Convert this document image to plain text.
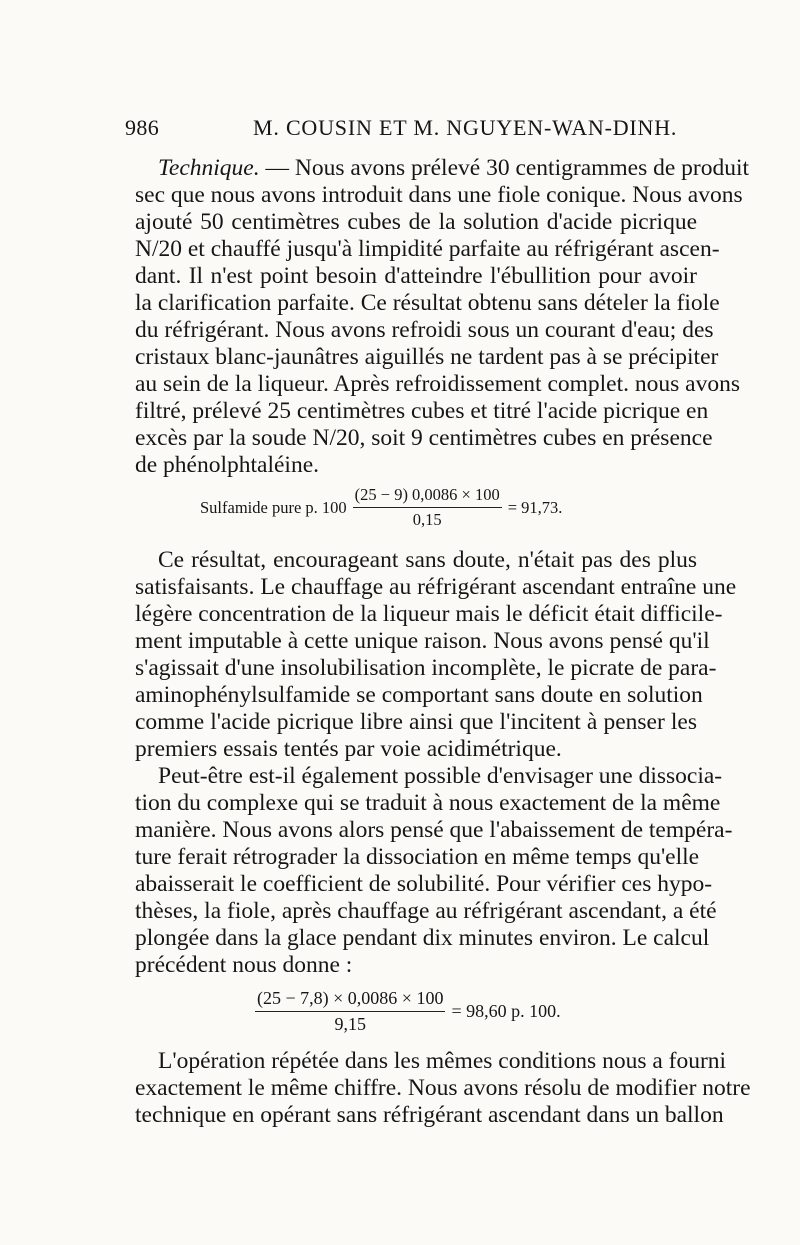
986	M. COUSIN ET M. NGUYEN-WAN-DINH.
Technique. — Nous avons prélevé 30 centigrammes de produit
sec que nous avons introduit dans une fiole conique. Nous avons
ajouté 50 centimètres cubes de la solution d'acide picrique
N/20 et chauffé jusqu'à limpidité parfaite au réfrigérant ascen-
dant. Il n'est point besoin d'atteindre l'ébullition pour avoir
la clarification parfaite. Ce résultat obtenu sans dételer la fiole
du réfrigérant. Nous avons refroidi sous un courant d'eau; des
cristaux blanc-jaunâtres aiguillés ne tardent pas à se précipiter
au sein de la liqueur. Après refroidissement complet. nous avons
filtré, prélevé 25 centimètres cubes et titré l'acide picrique en
excès par la soude N/20, soit 9 centimètres cubes en présence
de phénolphtaléine.
Sulfamide pure p. $100 \frac{(25 - 9) 0,0086 \times 100}{0,15} = 91,73$.
Ce résultat, encourageant sans doute, n'était pas des plus
satisfaisants. Le chauffage au réfrigérant ascendant entraîne une
légère concentration de la liqueur mais le déficit était difficile-
ment imputable à cette unique raison. Nous avons pensé qu'il
s'agissait d'une insolubilisation incomplète, le picrate de para-
aminophénylsulfamide se comportant sans doute en solution
comme l'acide picrique libre ainsi que l'incitent à penser les
premiers essais tentés par voie acidimétrique.
Peut-être est-il également possible d'envisager une dissocia-
tion du complexe qui se traduit à nous exactement de la même
manière. Nous avons alors pensé que l'abaissement de tempéra-
ture ferait rétrograder la dissociation en même temps qu'elle
abaisserait le coefficient de solubilité. Pour vérifier ces hypo-
thèses, la fiole, après chauffage au réfrigérant ascendant, a été
plongée dans la glace pendant dix minutes environ. Le calcul
précédent nous donne :
$\frac{(25 - 7,8) \times 0,0086 \times 100}{9,15} = 98,60$ p. 100.
L'opération répétée dans les mêmes conditions nous a fourni
exactement le même chiffre. Nous avons résolu de modifier notre
technique en opérant sans réfrigérant ascendant dans un ballon
